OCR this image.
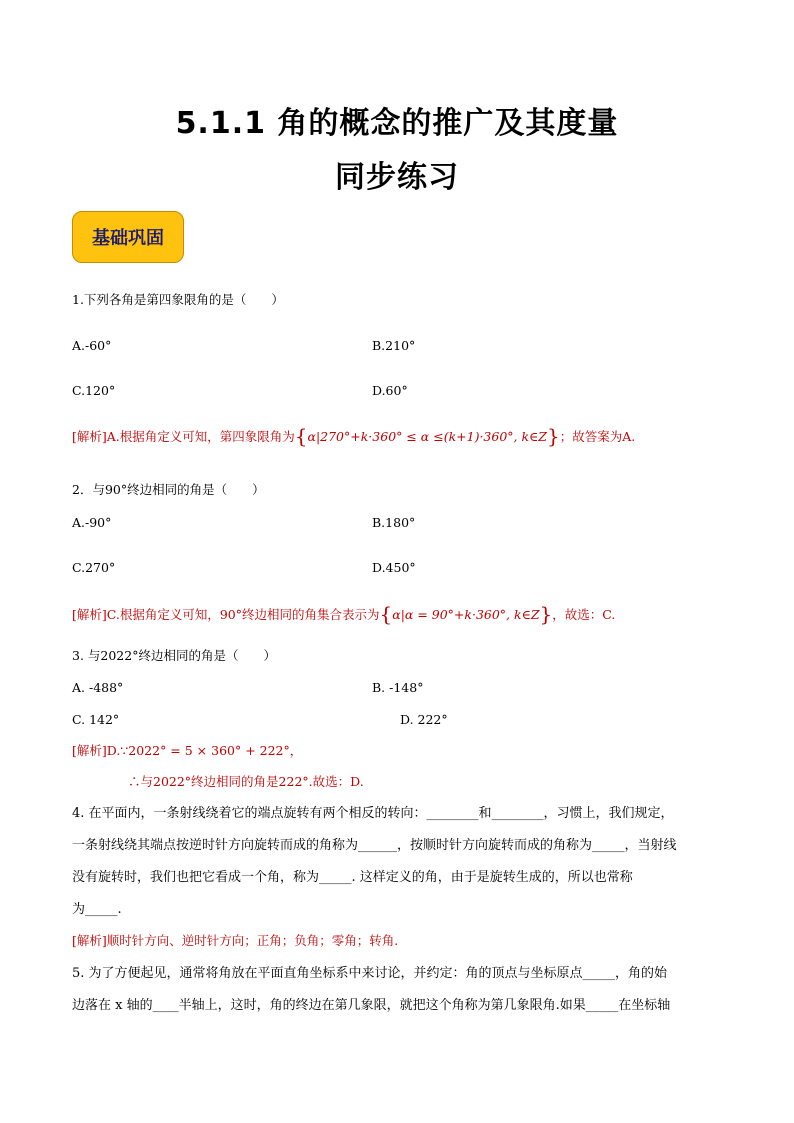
5.1.1 角的概念的推广及其度量
同步练习
基础巩固
1.下列各角是第四象限角的是（　　）
A.-60°	B.210°
C.120°	D.60°
[解析]A.根据角定义可知，第四象限角为{α|270°+k·360° ≤ α ≤(k+1)·360°, k∈Z}；故答案为A.
2．与90°终边相同的角是（　　）
A.-90°	B.180°
C.270°	D.450°
[解析]C.根据角定义可知，90°终边相同的角集合表示为{α|α = 90°+k·360°, k∈Z}，故选：C.
3. 与2022°终边相同的角是（　　）
A. -488°	B. -148°
C. 142°	D. 222°
[解析]D.∵2022° = 5 × 360° + 222°，
∴与2022°终边相同的角是222°.故选：D.
4. 在平面内，一条射线绕着它的端点旋转有两个相反的转向：________和________，习惯上，我们规定，
一条射线绕其端点按逆时针方向旋转而成的角称为______，按顺时针方向旋转而成的角称为_____，当射线
没有旋转时，我们也把它看成一个角，称为_____. 这样定义的角，由于是旋转生成的，所以也常称
为_____.
[解析]顺时针方向、逆时针方向；正角；负角；零角；转角.
5. 为了方便起见，通常将角放在平面直角坐标系中来讨论，并约定：角的顶点与坐标原点_____，角的始
边落在 x 轴的____半轴上，这时，角的终边在第几象限，就把这个角称为第几象限角.如果_____在坐标轴
